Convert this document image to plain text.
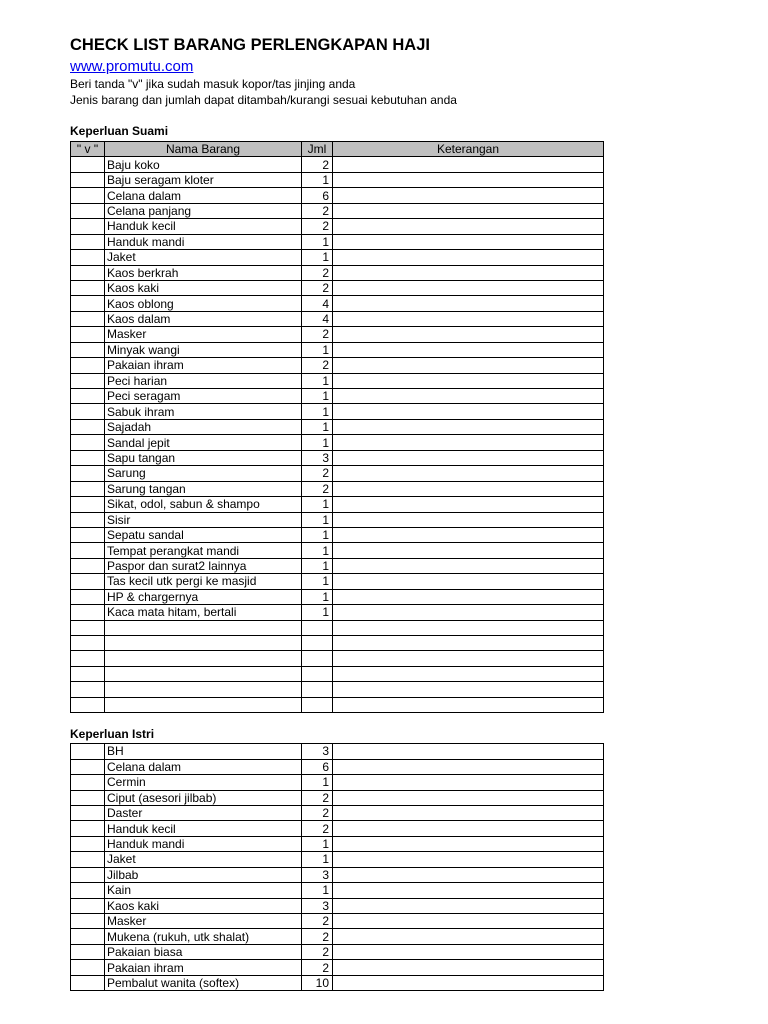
CHECK LIST BARANG PERLENGKAPAN HAJI
www.promutu.com
Beri tanda "v" jika sudah masuk kopor/tas jinjing anda
Jenis barang dan jumlah dapat ditambah/kurangi sesuai kebutuhan anda
Keperluan Suami
" v "	Nama Barang	Jml	Keterangan
	Baju koko	2	
	Baju seragam kloter	1	
	Celana dalam	6	
	Celana panjang	2	
	Handuk kecil	2	
	Handuk mandi	1	
	Jaket	1	
	Kaos berkrah	2	
	Kaos kaki	2	
	Kaos oblong	4	
	Kaos dalam	4	
	Masker	2	
	Minyak wangi	1	
	Pakaian ihram	2	
	Peci harian	1	
	Peci seragam	1	
	Sabuk ihram	1	
	Sajadah	1	
	Sandal jepit	1	
	Sapu tangan	3	
	Sarung	2	
	Sarung tangan	2	
	Sikat, odol, sabun & shampo	1	
	Sisir	1	
	Sepatu sandal	1	
	Tempat perangkat mandi	1	
	Paspor dan surat2 lainnya	1	
	Tas kecil utk pergi ke masjid	1	
	HP & chargernya	1	
	Kaca mata hitam, bertali	1	

Keperluan Istri
	BH	3	
	Celana dalam	6	
	Cermin	1	
	Ciput (asesori jilbab)	2	
	Daster	2	
	Handuk kecil	2	
	Handuk mandi	1	
	Jaket	1	
	Jilbab	3	
	Kain	1	
	Kaos kaki	3	
	Masker	2	
	Mukena (rukuh, utk shalat)	2	
	Pakaian biasa	2	
	Pakaian ihram	2	
	Pembalut wanita (softex)	10	
